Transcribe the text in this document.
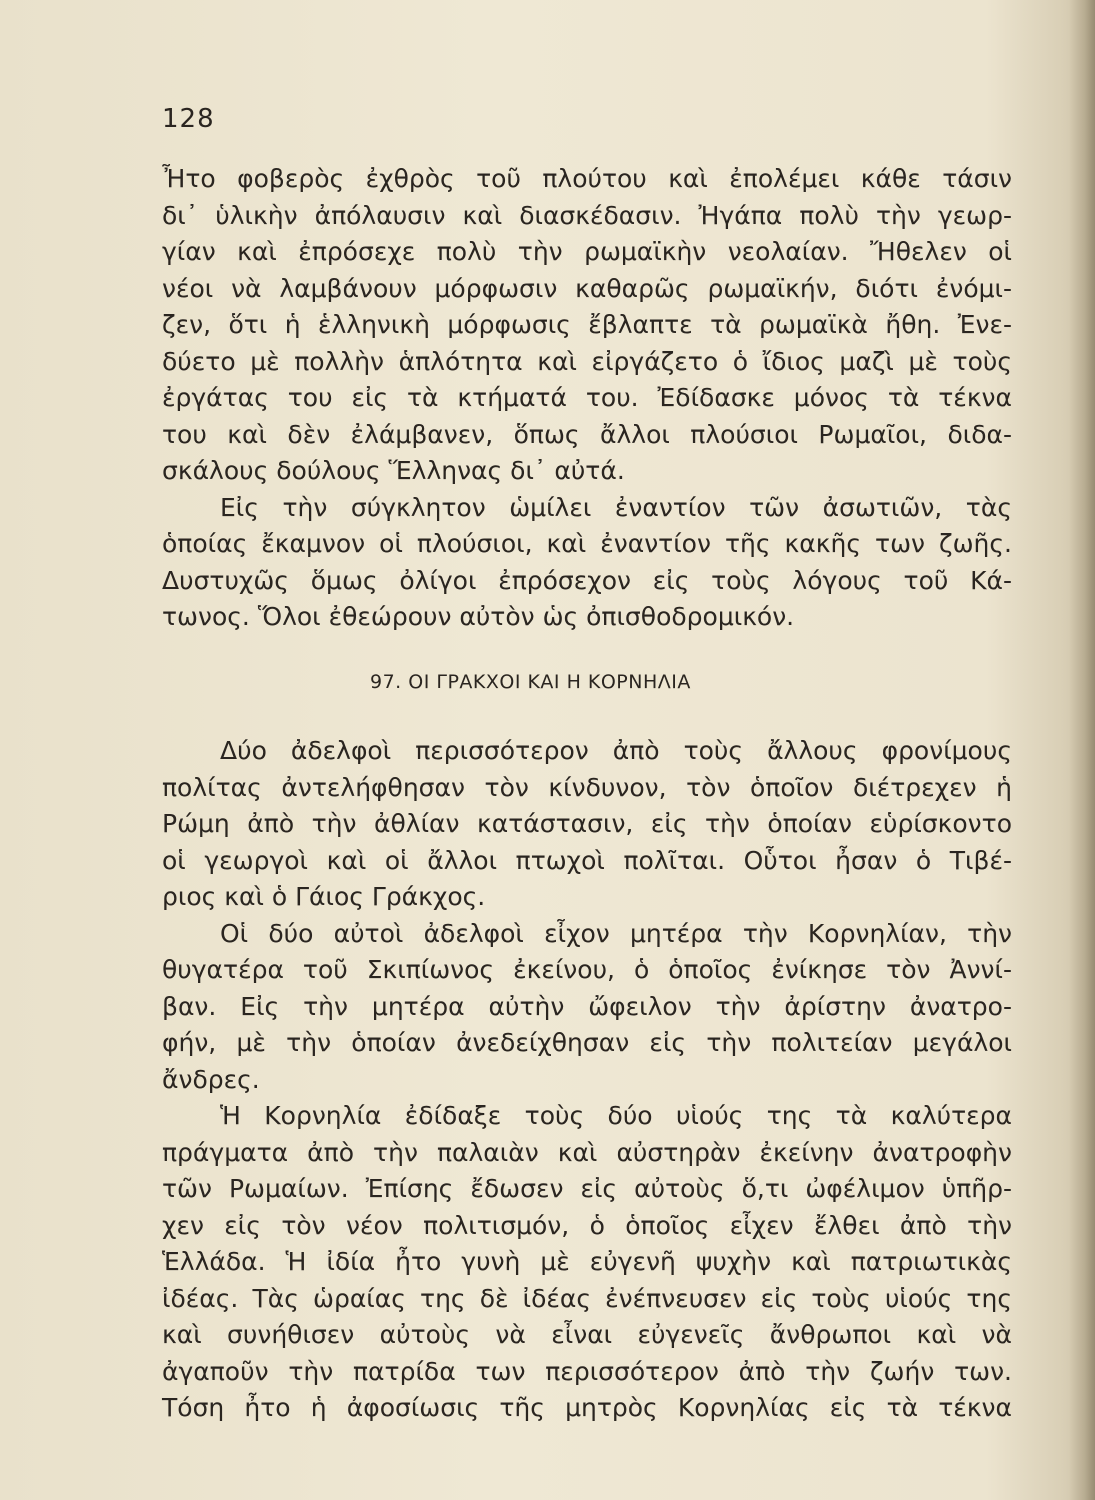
128
Ἦτο φοβερὸς ἐχθρὸς τοῦ πλούτου καὶ ἐπολέμει κάθε τάσιν
δι᾿ ὑλικὴν ἀπόλαυσιν καὶ διασκέδασιν. Ἠγάπα πολὺ τὴν γεωρ-
γίαν καὶ ἐπρόσεχε πολὺ τὴν ρωμαϊκὴν νεολαίαν. Ἤθελεν οἱ
νέοι νὰ λαμβάνουν μόρφωσιν καθαρῶς ρωμαϊκήν, διότι ἐνόμι-
ζεν, ὅτι ἡ ἑλληνικὴ μόρφωσις ἔβλαπτε τὰ ρωμαϊκὰ ἤθη. Ἐνε-
δύετο μὲ πολλὴν ἁπλότητα καὶ εἰργάζετο ὁ ἴδιος μαζὶ μὲ τοὺς
ἐργάτας του εἰς τὰ κτήματά του. Ἐδίδασκε μόνος τὰ τέκνα
του καὶ δὲν ἐλάμβανεν, ὅπως ἄλλοι πλούσιοι Ρωμαῖοι, διδα-
σκάλους δούλους Ἕλληνας δι᾿ αὐτά.
Εἰς τὴν σύγκλητον ὡμίλει ἐναντίον τῶν ἀσωτιῶν, τὰς
ὁποίας ἔκαμνον οἱ πλούσιοι, καὶ ἐναντίον τῆς κακῆς των ζωῆς.
Δυστυχῶς ὅμως ὀλίγοι ἐπρόσεχον εἰς τοὺς λόγους τοῦ Κά-
τωνος. Ὅλοι ἐθεώρουν αὐτὸν ὡς ὀπισθοδρομικόν.
97. ΟΙ ΓΡΑΚΧΟΙ ΚΑΙ Η ΚΟΡΝΗΛΙΑ
Δύο ἀδελφοὶ περισσότερον ἀπὸ τοὺς ἄλλους φρονίμους
πολίτας ἀντελήφθησαν τὸν κίνδυνον, τὸν ὁποῖον διέτρεχεν ἡ
Ρώμη ἀπὸ τὴν ἀθλίαν κατάστασιν, εἰς τὴν ὁποίαν εὑρίσκοντο
οἱ γεωργοὶ καὶ οἱ ἄλλοι πτωχοὶ πολῖται. Οὗτοι ἦσαν ὁ Τιβέ-
ριος καὶ ὁ Γάιος Γράκχος.
Οἱ δύο αὐτοὶ ἀδελφοὶ εἶχον μητέρα τὴν Κορνηλίαν, τὴν
θυγατέρα τοῦ Σκιπίωνος ἐκείνου, ὁ ὁποῖος ἐνίκησε τὸν Ἀννί-
βαν. Εἰς τὴν μητέρα αὐτὴν ὤφειλον τὴν ἀρίστην ἀνατρο-
φήν, μὲ τὴν ὁποίαν ἀνεδείχθησαν εἰς τὴν πολιτείαν μεγάλοι
ἄνδρες.
Ἡ Κορνηλία ἐδίδαξε τοὺς δύο υἱούς της τὰ καλύτερα
πράγματα ἀπὸ τὴν παλαιὰν καὶ αὐστηρὰν ἐκείνην ἀνατροφὴν
τῶν Ρωμαίων. Ἐπίσης ἔδωσεν εἰς αὐτοὺς ὅ,τι ὠφέλιμον ὑπῆρ-
χεν εἰς τὸν νέον πολιτισμόν, ὁ ὁποῖος εἶχεν ἔλθει ἀπὸ τὴν
Ἑλλάδα. Ἡ ἰδία ἦτο γυνὴ μὲ εὐγενῆ ψυχὴν καὶ πατριωτικὰς
ἰδέας. Τὰς ὡραίας της δὲ ἰδέας ἐνέπνευσεν εἰς τοὺς υἱούς της
καὶ συνήθισεν αὐτοὺς νὰ εἶναι εὐγενεῖς ἄνθρωποι καὶ νὰ
ἀγαποῦν τὴν πατρίδα των περισσότερον ἀπὸ τὴν ζωήν των.
Τόση ἦτο ἡ ἀφοσίωσις τῆς μητρὸς Κορνηλίας εἰς τὰ τέκνα
